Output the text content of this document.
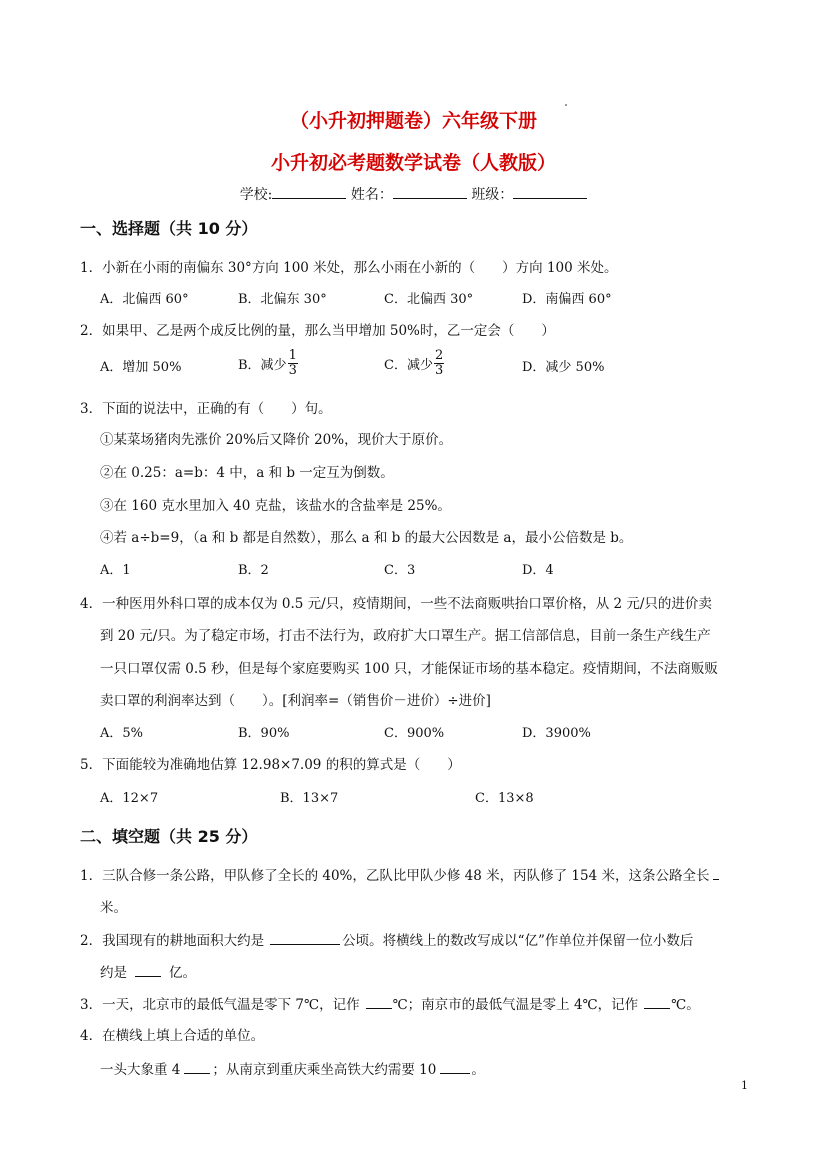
（小升初押题卷）六年级下册
小升初必考题数学试卷（人教版）
学校:	姓名：	班级：
一、选择题（共 10 分）
1．小新在小雨的南偏东 30°方向 100 米处，那么小雨在小新的（　　）方向 100 米处。
A．北偏西 60°	B．北偏东 30°	C．北偏西 30°	D．南偏西 60°
2．如果甲、乙是两个成反比例的量，那么当甲增加 50%时，乙一定会（　　）
A．增加 50%	B．减少 $\frac{1}{3}$	C．减少 $\frac{2}{3}$	D．减少 50%
3．下面的说法中，正确的有（　　）句。
①某菜场猪肉先涨价 20%后又降价 20%，现价大于原价。
②在 0.25：a=b：4 中，a 和 b 一定互为倒数。
③在 160 克水里加入 40 克盐，该盐水的含盐率是 25%。
④若 a÷b=9，（a 和 b 都是自然数），那么 a 和 b 的最大公因数是 a，最小公倍数是 b。
A．1	B．2	C．3	D．4
4．一种医用外科口罩的成本仅为 0.5 元/只，疫情期间，一些不法商贩哄抬口罩价格，从 2 元/只的进价卖
到 20 元/只。为了稳定市场，打击不法行为，政府扩大口罩生产。据工信部信息，目前一条生产线生产
一只口罩仅需 0.5 秒，但是每个家庭要购买 100 只，才能保证市场的基本稳定。疫情期间，不法商贩贩
卖口罩的利润率达到（　　）。[利润率=（销售价－进价）÷进价]
A．5%	B．90%	C．900%	D．3900%
5．下面能较为准确地估算 12.98×7.09 的积的算式是（　　）
A．12×7	B．13×7	C．13×8
二、填空题（共 25 分）
1．三队合修一条公路，甲队修了全长的 40%，乙队比甲队少修 48 米，丙队修了 154 米，这条公路全长
米。
2．我国现有的耕地面积大约是	公顷。将横线上的数改写成以“亿”作单位并保留一位小数后
约是	亿。
3．一天，北京市的最低气温是零下 7℃，记作 ℃；南京市的最低气温是零上 4℃，记作 ℃。
4．在横线上填上合适的单位。
一头大象重 4 ；从南京到重庆乘坐高铁大约需要 10	。
1
